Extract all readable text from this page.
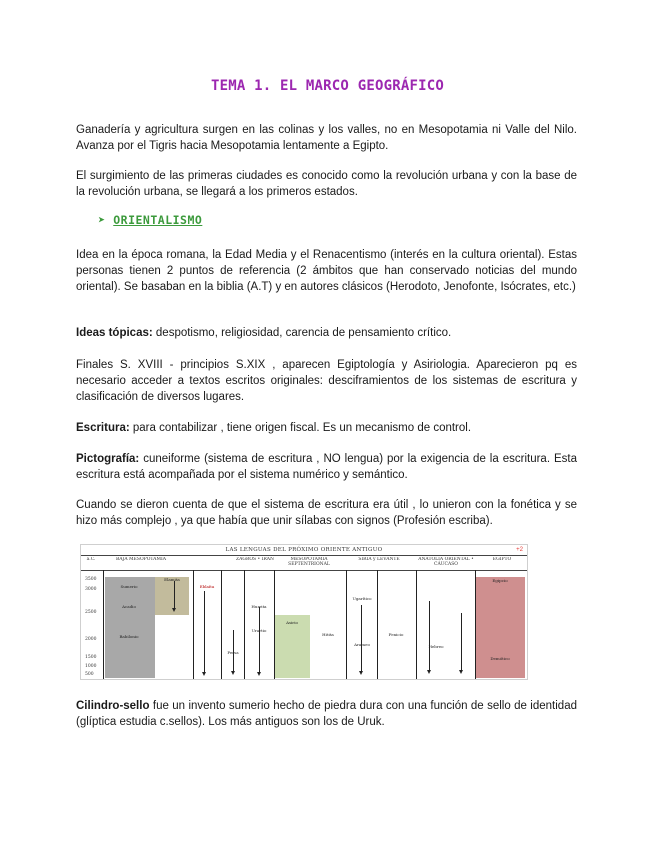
TEMA 1. EL MARCO GEOGRÁFICO

Ganadería y agricultura surgen en las colinas y los valles, no en Mesopotamia ni Valle del Nilo. Avanza por el Tigris hacia Mesopotamia lentamente a Egipto.

El surgimiento de las primeras ciudades es conocido como la revolución urbana y con la base de la revolución urbana, se llegará a los primeros estados.

➤ ORIENTALISMO

Idea en la época romana, la Edad Media y el Renacentismo (interés en la cultura oriental). Estas personas tienen 2 puntos de referencia (2 ámbitos que han conservado noticias del mundo oriental). Se basaban en la biblia (A.T) y en autores clásicos (Herodoto, Jenofonte, Isócrates, etc.)

Ideas tópicas: despotismo, religiosidad, carencia de pensamiento crítico.

Finales S. XVIII - principios S.XIX , aparecen Egiptología y Asiriologia. Aparecieron pq es necesario acceder a textos escritos originales: desciframientos de los sistemas de escritura y clasificación de diversos lugares.

Escritura: para contabilizar , tiene origen fiscal. Es un mecanismo de control.

Pictografía: cuneiforme (sistema de escritura , NO lengua) por la exigencia de la escritura. Esta escritura está acompañada por el sistema numérico y semántico.

Cuando se dieron cuenta de que el sistema de escritura era útil , lo unieron con la fonética y se hizo más complejo , ya que había que unir sílabas con signos (Profesión escriba).

LAS LENGUAS DEL PRÓXIMO ORIENTE ANTIGUO	+2
a.C.	BAJA MESOPOTAMIA	ZAGROS • IRÁN	MESOPOTAMIA SEPTENTRIONAL
SIRIA y LEVANTE	ANATOLIA ORIENTAL • CÁUCASO
EGIPTO
3500
3000
2500
2000
1500
1000
500
Sumerio
Acadio
Babilonio
Elamita
Eblaíta
Hurrita
Urartio
Persa
Asirio
Hitita
Ugarítico
Arameo
Fenicio
Hebreo
Egipcio
Demótico

Cilindro-sello fue un invento sumerio hecho de piedra dura con una función de sello de identidad (glíptica estudia c.sellos). Los más antiguos son los de Uruk.
